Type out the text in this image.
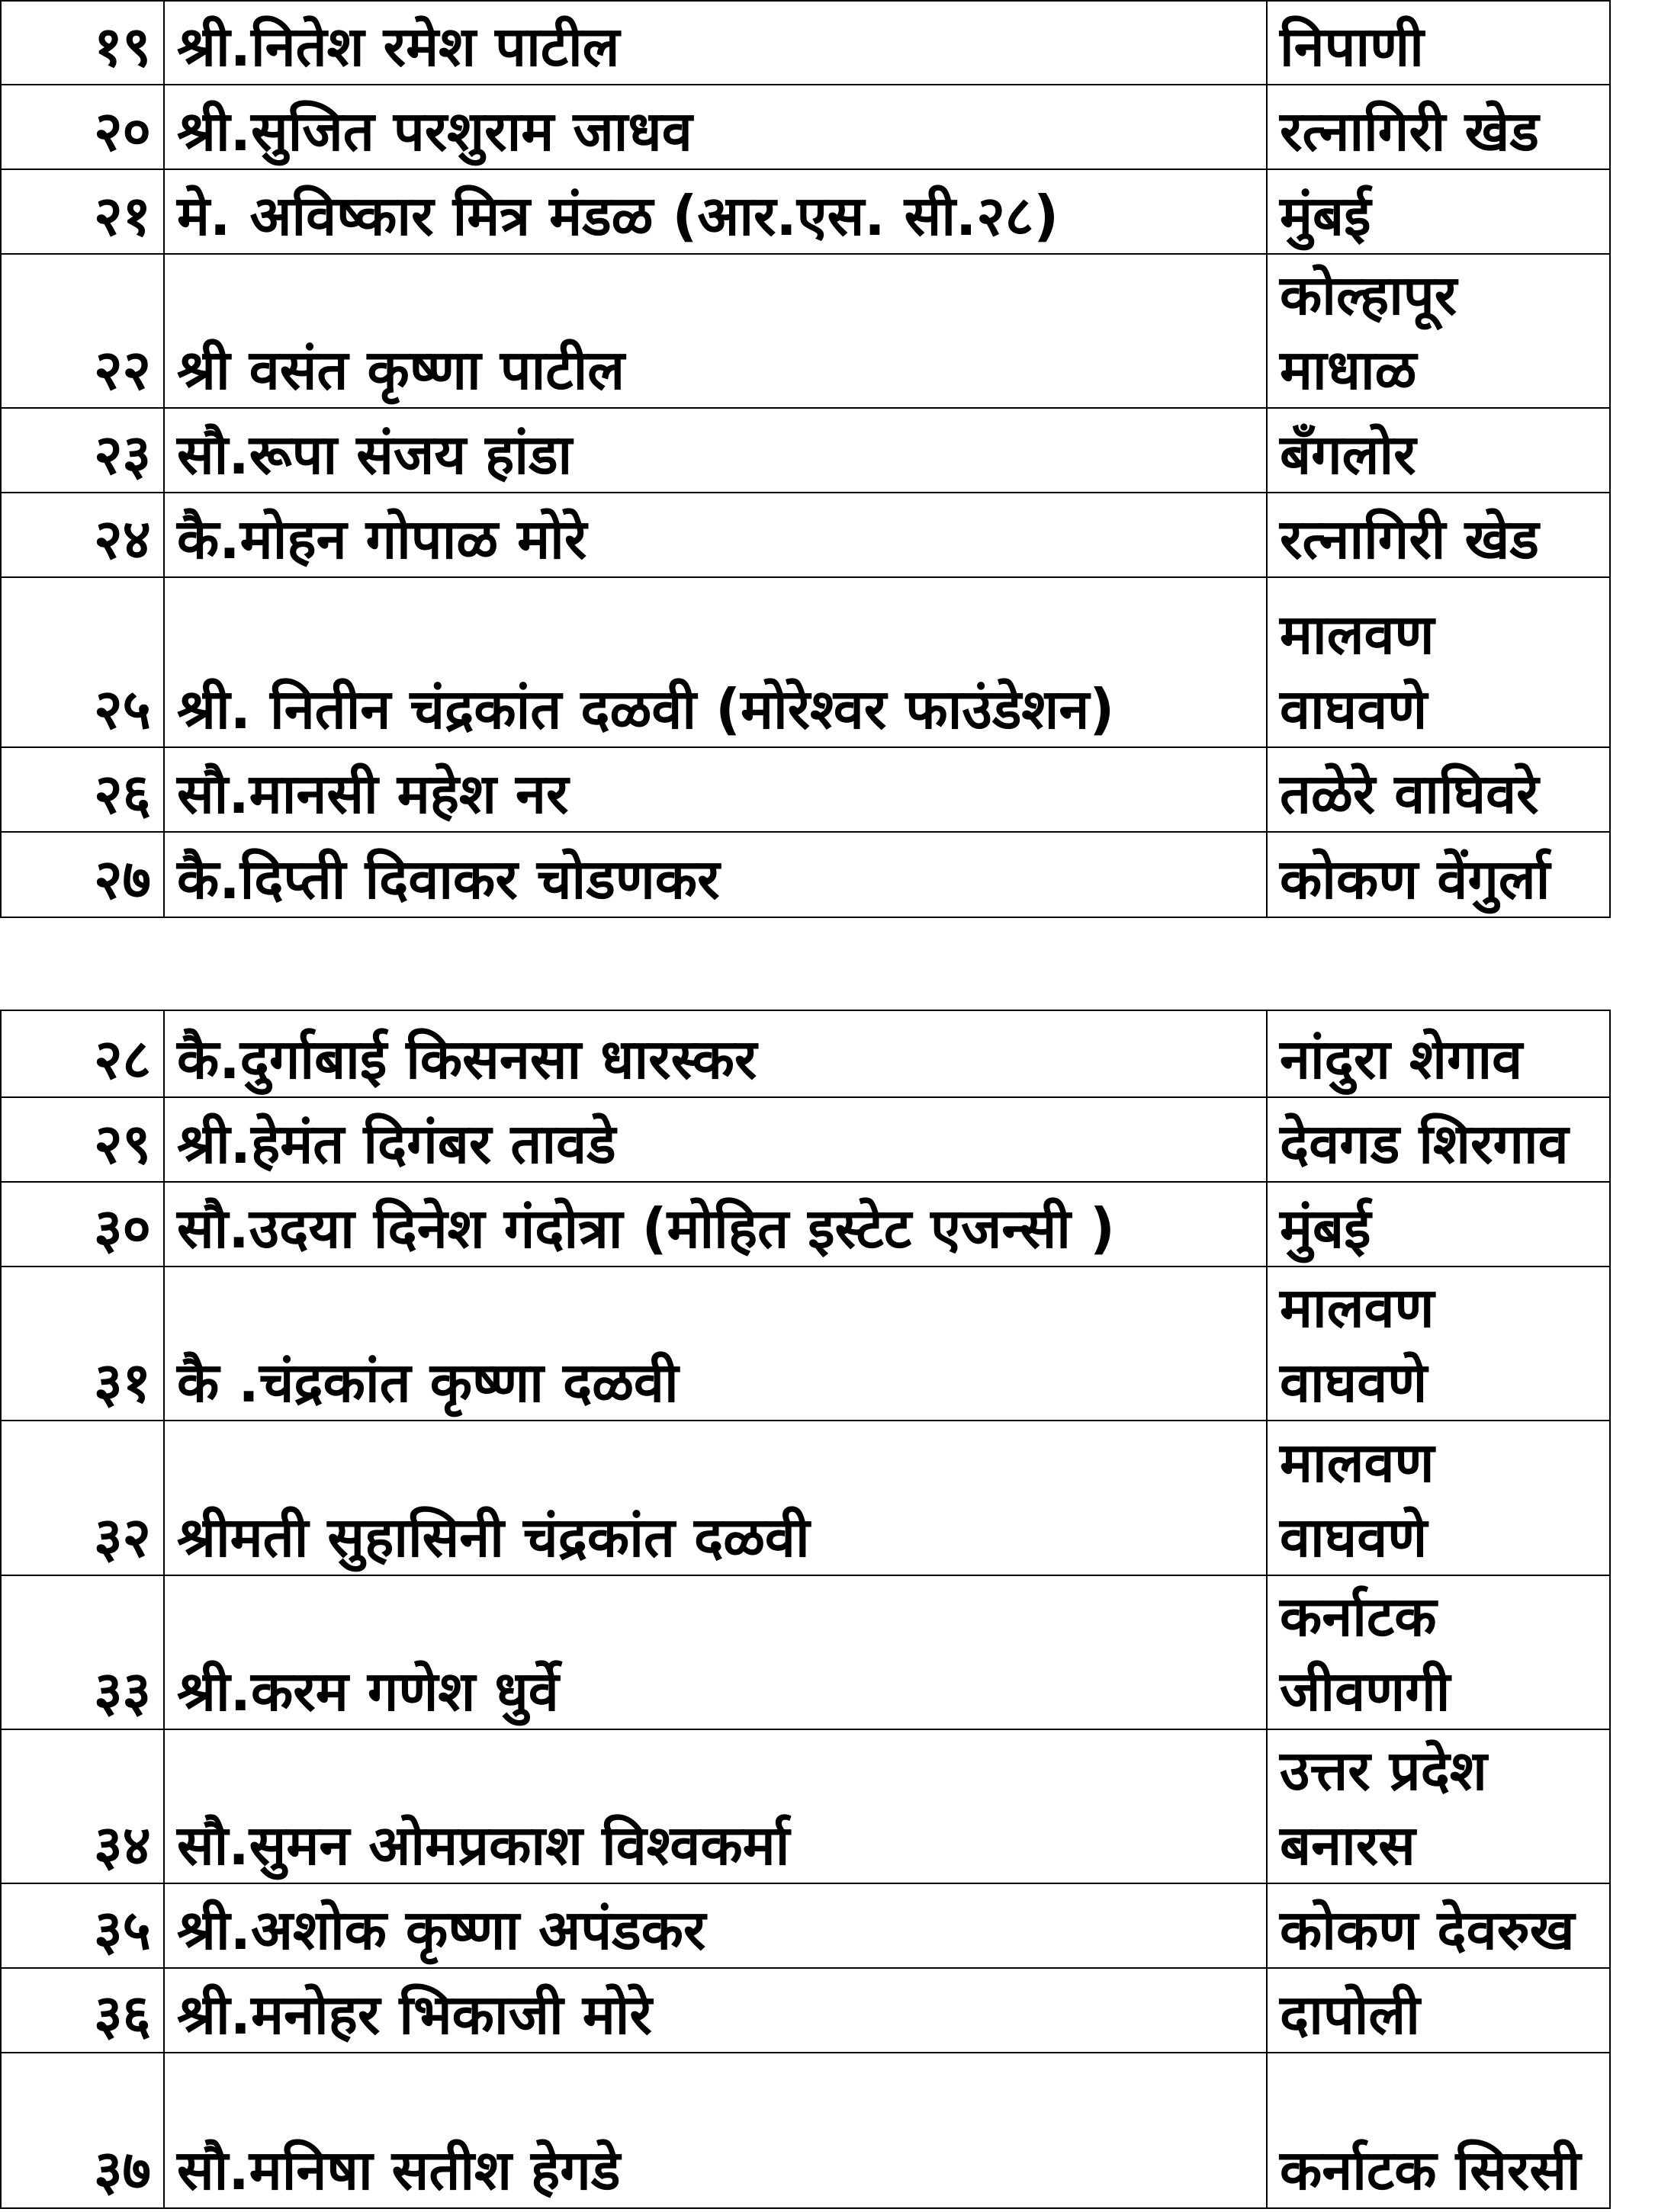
१९	श्री.नितेश रमेश पाटील	निपाणी
२०	श्री.सुजित परशुराम जाधव	रत्नागिरी खेड
२१	मे. अविष्कार मित्र मंडळ (आर.एस. सी.२८)	मुंबई
२२	श्री वसंत कृष्णा पाटील	कोल्हापूर माधाळ
२३	सौ.रूपा संजय हांडा	बँगलोर
२४	कै.मोहन गोपाळ मोरे	रत्नागिरी खेड
२५	श्री. नितीन चंद्रकांत दळवी (मोरेश्वर फाउंडेशन)	मालवण वाघवणे
२६	सौ.मानसी महेश नर	तळेरे वाघिवरे
२७	कै.दिप्ती दिवाकर चोडणकर	कोकण वेंगुर्ला
२८	कै.दुर्गाबाई किसनसा धारस्कर	नांदुरा शेगाव
२९	श्री.हेमंत दिगंबर तावडे	देवगड शिरगाव
३०	सौ.उदया दिनेश गंदोत्रा (मोहित इस्टेट एजन्सी )	मुंबई
३१	कै .चंद्रकांत कृष्णा दळवी	मालवण वाघवणे
३२	श्रीमती सुहासिनी चंद्रकांत दळवी	मालवण वाघवणे
३३	श्री.करम गणेश धुर्वे	कर्नाटक जीवणगी
३४	सौ.सुमन ओमप्रकाश विश्वकर्मा	उत्तर प्रदेश बनारस
३५	श्री.अशोक कृष्णा अपंडकर	कोकण देवरुख
३६	श्री.मनोहर भिकाजी मोरे	दापोली
३७	सौ.मनिषा सतीश हेगडे	कर्नाटक सिरसी
